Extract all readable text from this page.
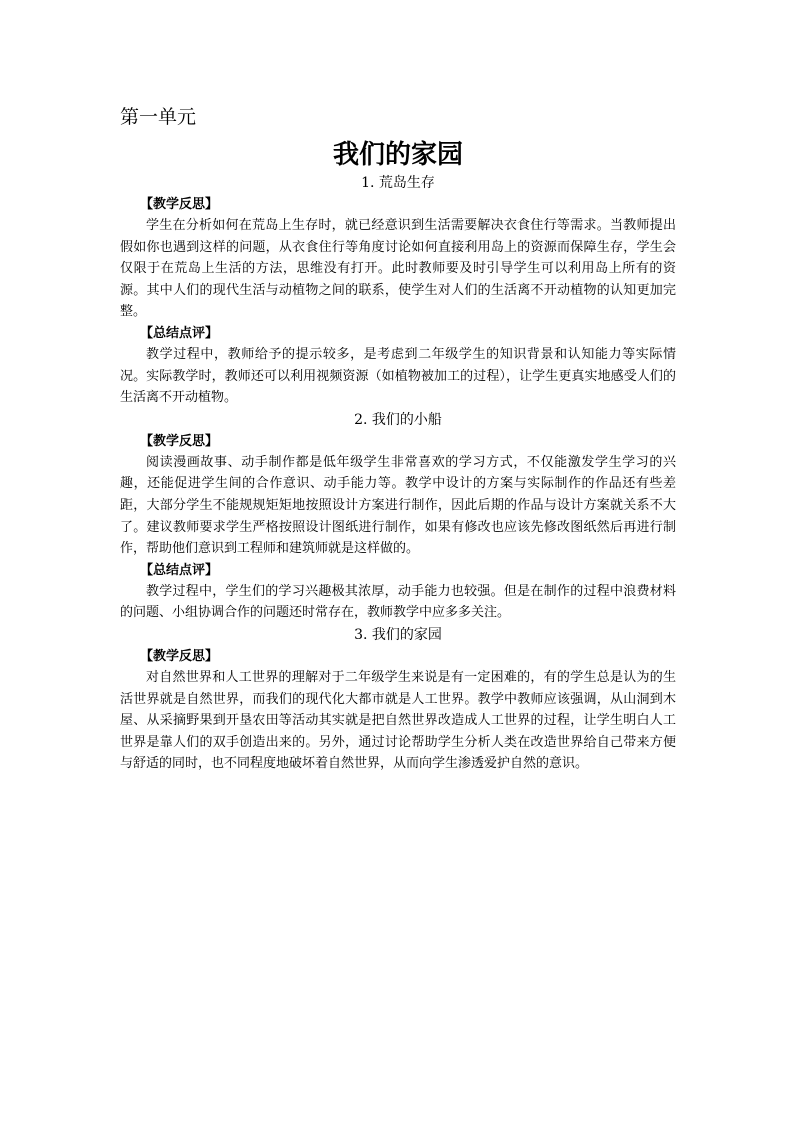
第一单元

我们的家园

1. 荒岛生存

【教学反思】

学生在分析如何在荒岛上生存时，就已经意识到生活需要解决衣食住行等需求。当教师提出假如你也遇到这样的问题，从衣食住行等角度讨论如何直接利用岛上的资源而保障生存，学生会仅限于在荒岛上生活的方法，思维没有打开。此时教师要及时引导学生可以利用岛上所有的资源。其中人们的现代生活与动植物之间的联系，使学生对人们的生活离不开动植物的认知更加完整。

【总结点评】

教学过程中，教师给予的提示较多，是考虑到二年级学生的知识背景和认知能力等实际情况。实际教学时，教师还可以利用视频资源（如植物被加工的过程），让学生更真实地感受人们的生活离不开动植物。

2. 我们的小船

【教学反思】

阅读漫画故事、动手制作都是低年级学生非常喜欢的学习方式，不仅能激发学生学习的兴趣，还能促进学生间的合作意识、动手能力等。教学中设计的方案与实际制作的作品还有些差距，大部分学生不能规规矩矩地按照设计方案进行制作，因此后期的作品与设计方案就关系不大了。建议教师要求学生严格按照设计图纸进行制作，如果有修改也应该先修改图纸然后再进行制作，帮助他们意识到工程师和建筑师就是这样做的。

【总结点评】

教学过程中，学生们的学习兴趣极其浓厚，动手能力也较强。但是在制作的过程中浪费材料的问题、小组协调合作的问题还时常存在，教师教学中应多多关注。

3. 我们的家园

【教学反思】

对自然世界和人工世界的理解对于二年级学生来说是有一定困难的，有的学生总是认为的生活世界就是自然世界，而我们的现代化大都市就是人工世界。教学中教师应该强调，从山洞到木屋、从采摘野果到开垦农田等活动其实就是把自然世界改造成人工世界的过程，让学生明白人工世界是靠人们的双手创造出来的。另外，通过讨论帮助学生分析人类在改造世界给自己带来方便与舒适的同时，也不同程度地破坏着自然世界，从而向学生渗透爱护自然的意识。
